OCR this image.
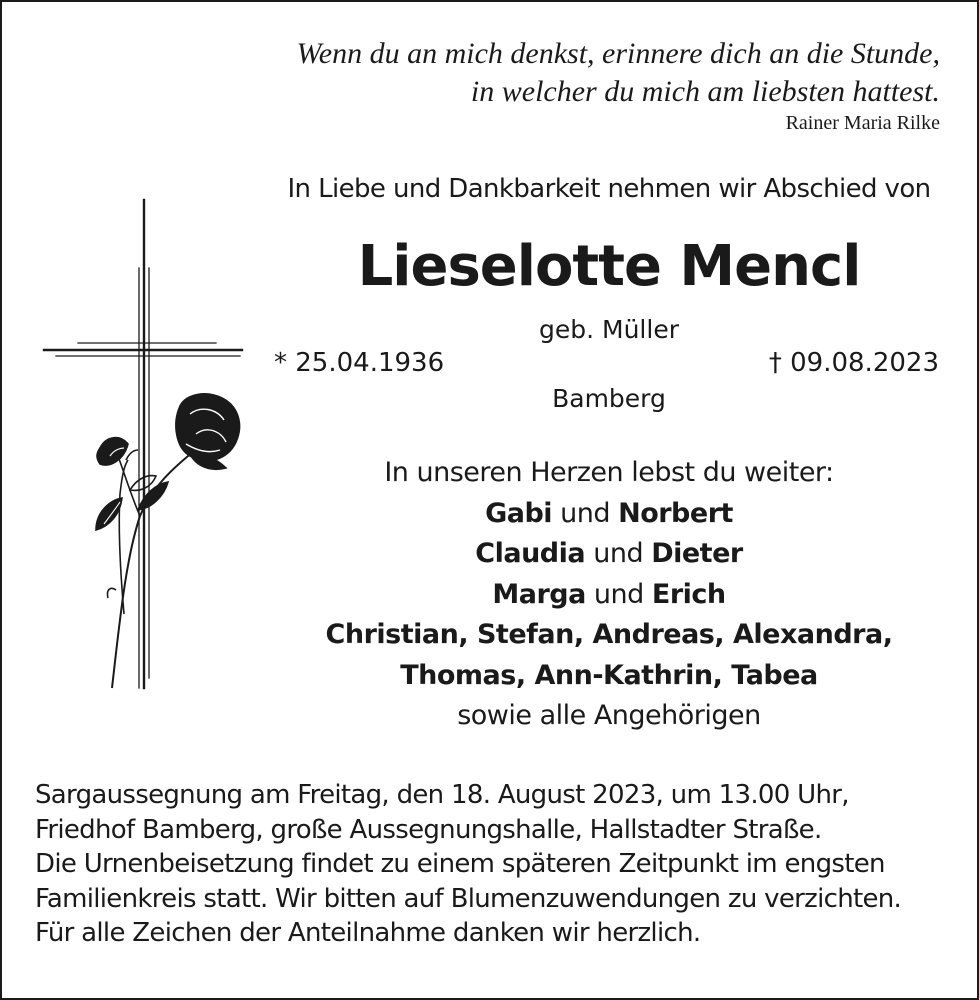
Wenn du an mich denkst, erinnere dich an die Stunde,
in welcher du mich am liebsten hattest.
Rainer Maria Rilke
In Liebe und Dankbarkeit nehmen wir Abschied von
Lieselotte Mencl
geb. Müller
* 25.04.1936	† 09.08.2023
Bamberg
In unseren Herzen lebst du weiter:
Gabi und Norbert
Claudia und Dieter
Marga und Erich
Christian, Stefan, Andreas, Alexandra,
Thomas, Ann-Kathrin, Tabea
sowie alle Angehörigen
Sargaussegnung am Freitag, den 18. August 2023, um 13.00 Uhr,
Friedhof Bamberg, große Aussegnungshalle, Hallstadter Straße.
Die Urnenbeisetzung findet zu einem späteren Zeitpunkt im engsten
Familienkreis statt. Wir bitten auf Blumenzuwendungen zu verzichten.
Für alle Zeichen der Anteilnahme danken wir herzlich.
